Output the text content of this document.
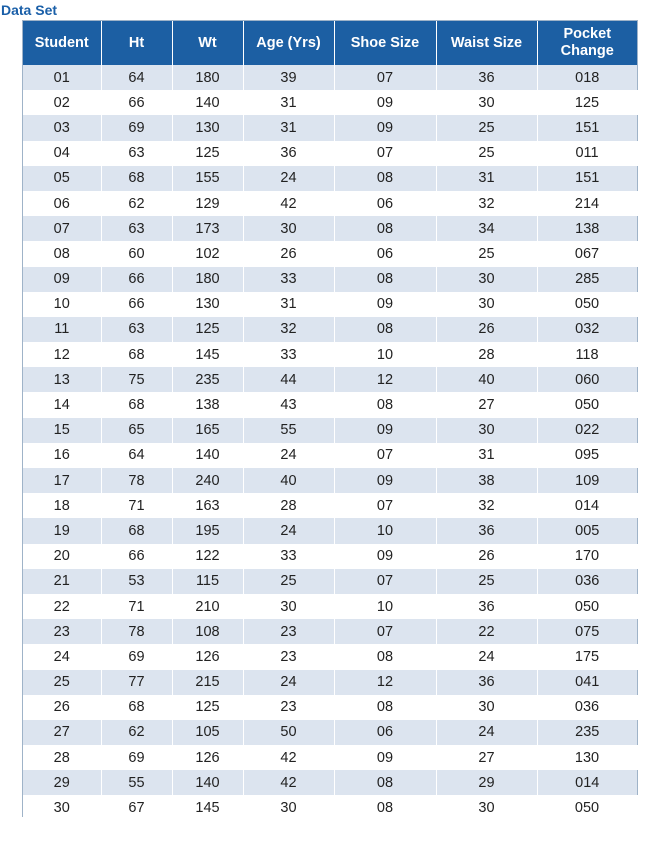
Data Set
Student	Ht	Wt	Age (Yrs)	Shoe Size	Waist Size	Pocket Change
01	64	180	39	07	36	018
02	66	140	31	09	30	125
03	69	130	31	09	25	151
04	63	125	36	07	25	011
05	68	155	24	08	31	151
06	62	129	42	06	32	214
07	63	173	30	08	34	138
08	60	102	26	06	25	067
09	66	180	33	08	30	285
10	66	130	31	09	30	050
11	63	125	32	08	26	032
12	68	145	33	10	28	118
13	75	235	44	12	40	060
14	68	138	43	08	27	050
15	65	165	55	09	30	022
16	64	140	24	07	31	095
17	78	240	40	09	38	109
18	71	163	28	07	32	014
19	68	195	24	10	36	005
20	66	122	33	09	26	170
21	53	115	25	07	25	036
22	71	210	30	10	36	050
23	78	108	23	07	22	075
24	69	126	23	08	24	175
25	77	215	24	12	36	041
26	68	125	23	08	30	036
27	62	105	50	06	24	235
28	69	126	42	09	27	130
29	55	140	42	08	29	014
30	67	145	30	08	30	050
